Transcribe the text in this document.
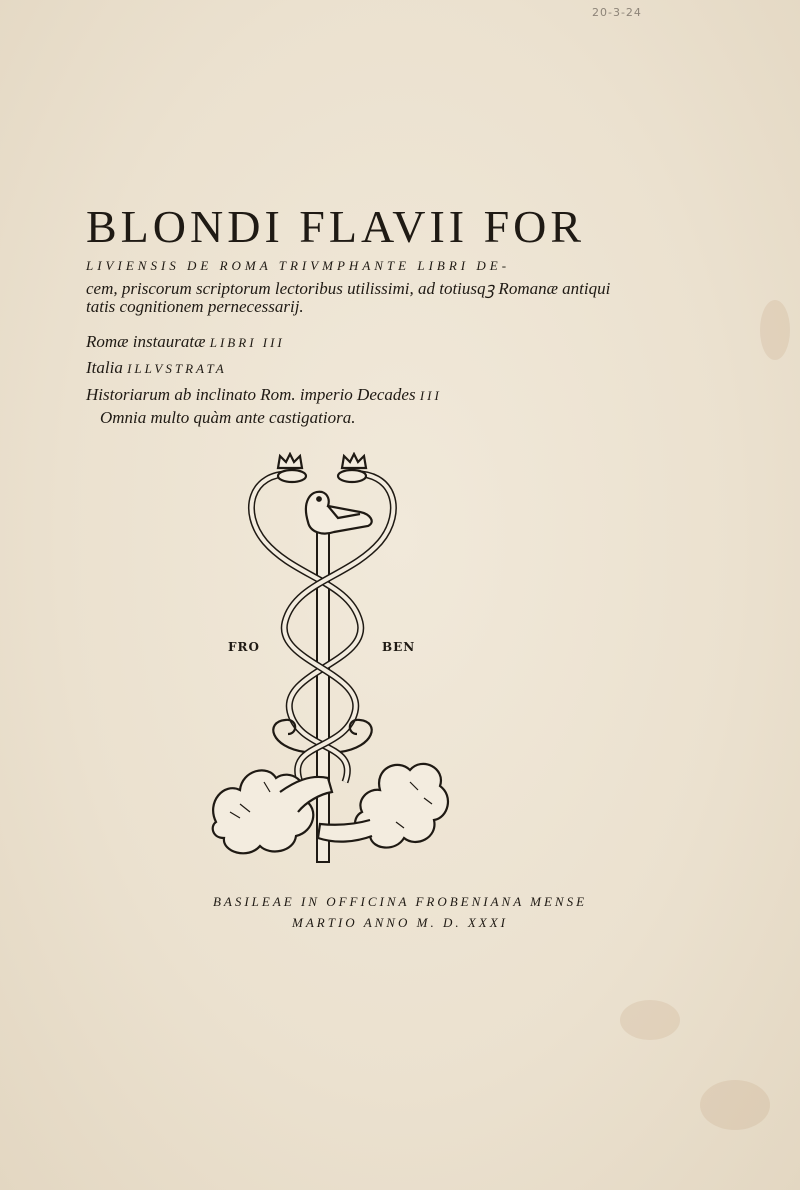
20-3-24
BLONDI FLAVII FOR
LIVIENSIS DE ROMA TRIVMPHANTE LIBRI DE-
cem, priscorum scriptorum lectoribus utilissimi, ad totiusqꝫ Romanæ antiqui
tatis cognitionem pernecessarij.
Romæ instauratæ LIBRI III
Italia ILLVSTRATA
Historiarum ab inclinato Rom. imperio Decades III
Omnia multo quàm ante castigatiora.
FRO	BEN
BASILEAE IN OFFICINA FROBENIANA MENSE
MARTIO ANNO M. D. XXXI
